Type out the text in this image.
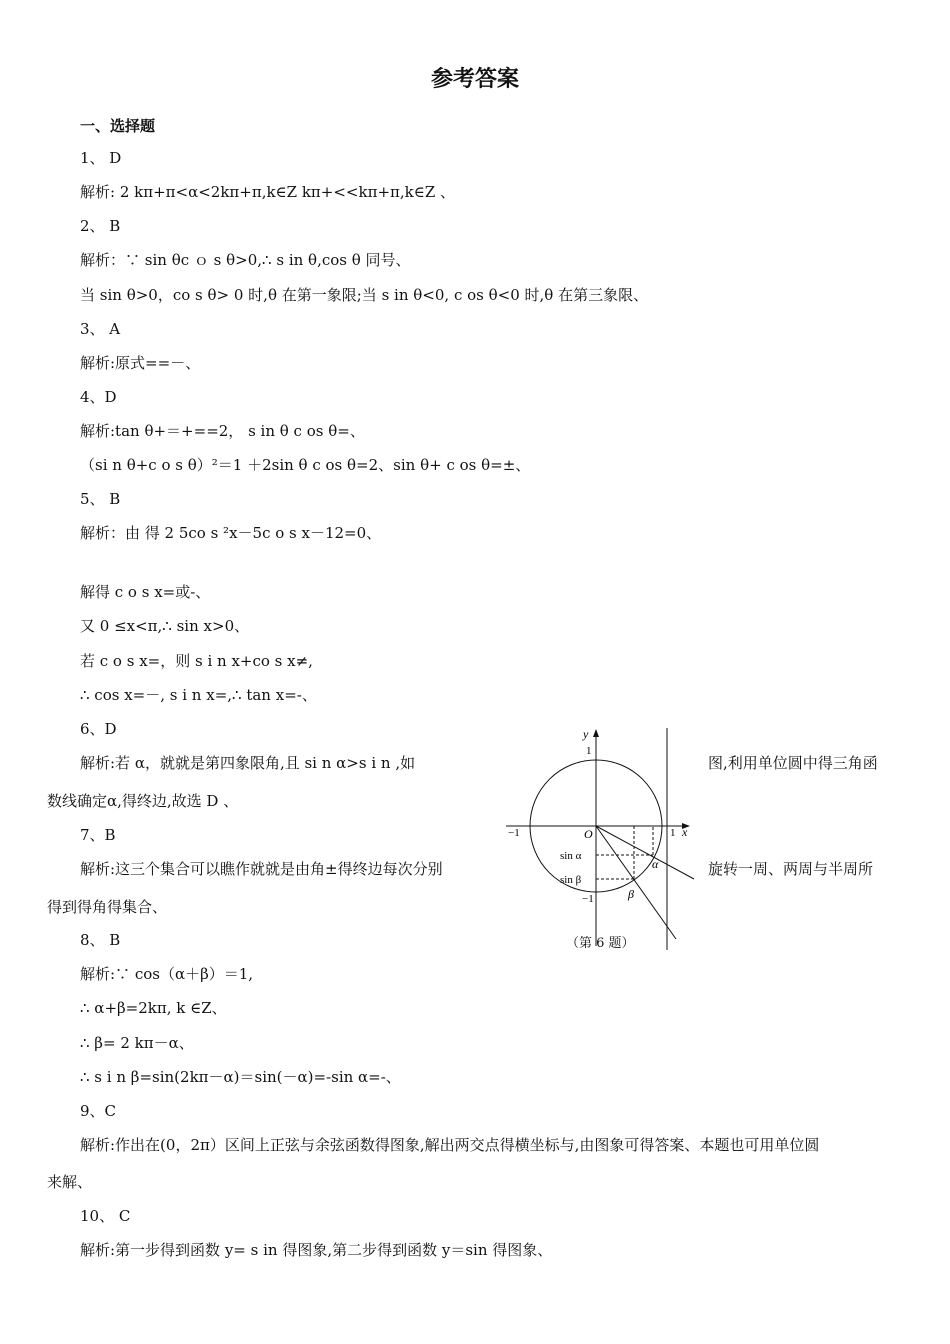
参考答案
一、选择题
1、 D
解析: 2 kπ+π<α<2kπ+π,k∈Z kπ+<<kπ+π,k∈Z 、
2、 B
解析：∵ sin θc ｏ s θ>0,∴ s in θ,cos θ 同号、
当 sin θ>0，co s θ> 0 时,θ 在第一象限;当 s in θ<0, c os θ<0 时,θ 在第三象限、
3、 A
解析:原式==－、
4、D
解析:tan θ+＝+==2， s in θ c os θ=、
（si n θ+c o s θ）²＝1 ＋2sin θ c os θ=2、sin θ+ c os θ=±、
5、 B
解析：由 得 2 5co s ²x－5c o s x－12=0、
解得 c o s x=或-、
又 0 ≤x<π,∴ sin x>0、
若 c o s x=，则 s i n x+co s x≠,
∴ cos x=－, s i n x=,∴ tan x=-、
6、D
解析:若 α，就就是第四象限角,且 si n α>s i n ,如	图,利用单位圆中得三角函
数线确定α,得终边,故选 D 、
7、B
解析:这三个集合可以瞧作就就是由角±得终边每次分别	旋转一周、两周与半周所
得到得角得集合、
8、 B
解析:∵ cos（α＋β）＝1,
∴ α+β=2kπ, k ∈Z、
∴ β= 2 kπ－α、
∴ s i n β=sin(2kπ－α)＝sin(－α)=-sin α=-、
9、C
解析:作出在(0，2π）区间上正弦与余弦函数得图象,解出两交点得横坐标与,由图象可得答案、本题也可用单位圆
来解、
10、 C
解析:第一步得到函数 y= s in 得图象,第二步得到函数 y＝sin 得图象、
y
x
O
1
−1
−1	1
sin α
sin β
α
β
（第 6 题）
